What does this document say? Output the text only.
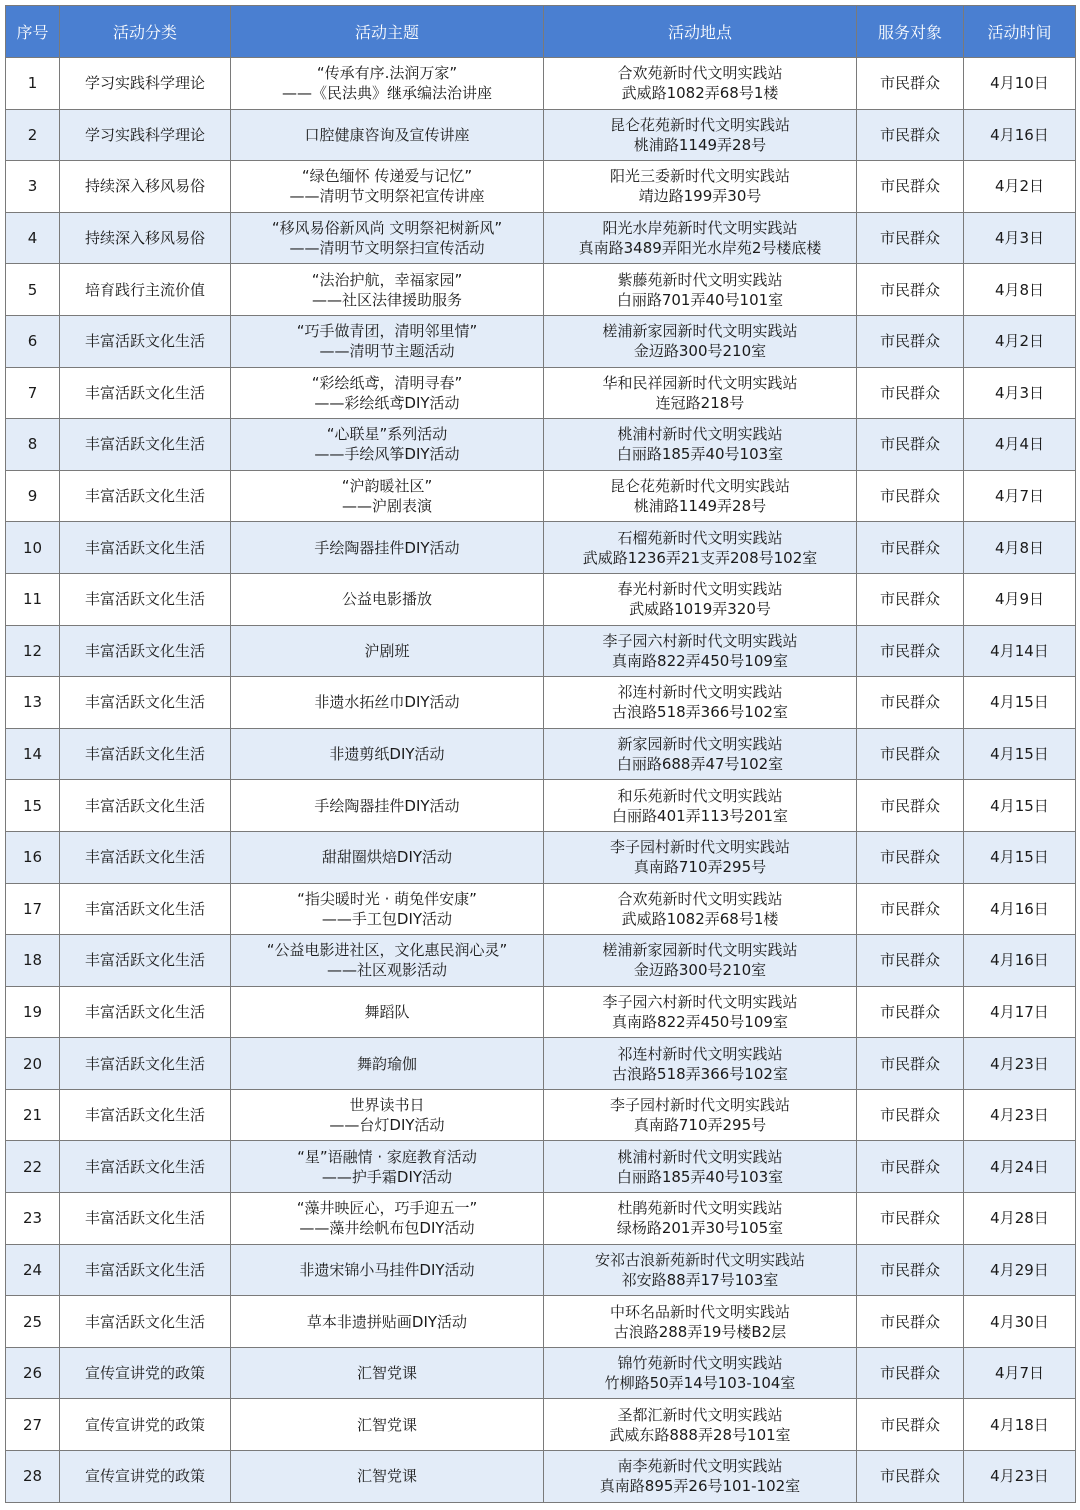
序号	活动分类	活动主题	活动地点	服务对象	活动时间
1	学习实践科学理论	“传承有序.法润万家”
——《民法典》继承编法治讲座	合欢苑新时代文明实践站
武威路1082弄68号1楼	市民群众	4月10日
2	学习实践科学理论	口腔健康咨询及宣传讲座	昆仑花苑新时代文明实践站
桃浦路1149弄28号	市民群众	4月16日
3	持续深入移风易俗	“绿色缅怀 传递爱与记忆”
——清明节文明祭祀宣传讲座	阳光三委新时代文明实践站
靖边路199弄30号	市民群众	4月2日
4	持续深入移风易俗	“移风易俗新风尚 文明祭祀树新风”
——清明节文明祭扫宣传活动	阳光水岸苑新时代文明实践站
真南路3489弄阳光水岸苑2号楼底楼	市民群众	4月3日
5	培育践行主流价值	“法治护航，幸福家园”
——社区法律援助服务	紫藤苑新时代文明实践站
白丽路701弄40号101室	市民群众	4月8日
6	丰富活跃文化生活	“巧手做青团，清明邻里情”
——清明节主题活动	槎浦新家园新时代文明实践站
金迈路300号210室	市民群众	4月2日
7	丰富活跃文化生活	“彩绘纸鸢，清明寻春”
——彩绘纸鸢DIY活动	华和民祥园新时代文明实践站
连冠路218号	市民群众	4月3日
8	丰富活跃文化生活	“心联星”系列活动
——手绘风筝DIY活动	桃浦村新时代文明实践站
白丽路185弄40号103室	市民群众	4月4日
9	丰富活跃文化生活	“沪韵暖社区”
——沪剧表演	昆仑花苑新时代文明实践站
桃浦路1149弄28号	市民群众	4月7日
10	丰富活跃文化生活	手绘陶器挂件DIY活动	石榴苑新时代文明实践站
武威路1236弄21支弄208号102室	市民群众	4月8日
11	丰富活跃文化生活	公益电影播放	春光村新时代文明实践站
武威路1019弄320号	市民群众	4月9日
12	丰富活跃文化生活	沪剧班	李子园六村新时代文明实践站
真南路822弄450号109室	市民群众	4月14日
13	丰富活跃文化生活	非遗水拓丝巾DIY活动	祁连村新时代文明实践站
古浪路518弄366号102室	市民群众	4月15日
14	丰富活跃文化生活	非遗剪纸DIY活动	新家园新时代文明实践站
白丽路688弄47号102室	市民群众	4月15日
15	丰富活跃文化生活	手绘陶器挂件DIY活动	和乐苑新时代文明实践站
白丽路401弄113号201室	市民群众	4月15日
16	丰富活跃文化生活	甜甜圈烘焙DIY活动	李子园村新时代文明实践站
真南路710弄295号	市民群众	4月15日
17	丰富活跃文化生活	“指尖暖时光 · 萌兔伴安康”
——手工包DIY活动	合欢苑新时代文明实践站
武威路1082弄68号1楼	市民群众	4月16日
18	丰富活跃文化生活	“公益电影进社区，文化惠民润心灵”
——社区观影活动	槎浦新家园新时代文明实践站
金迈路300号210室	市民群众	4月16日
19	丰富活跃文化生活	舞蹈队	李子园六村新时代文明实践站
真南路822弄450号109室	市民群众	4月17日
20	丰富活跃文化生活	舞韵瑜伽	祁连村新时代文明实践站
古浪路518弄366号102室	市民群众	4月23日
21	丰富活跃文化生活	世界读书日
——台灯DIY活动	李子园村新时代文明实践站
真南路710弄295号	市民群众	4月23日
22	丰富活跃文化生活	“星”语融情 · 家庭教育活动
——护手霜DIY活动	桃浦村新时代文明实践站
白丽路185弄40号103室	市民群众	4月24日
23	丰富活跃文化生活	“藻井映匠心，巧手迎五一”
——藻井绘帆布包DIY活动	杜鹃苑新时代文明实践站
绿杨路201弄30号105室	市民群众	4月28日
24	丰富活跃文化生活	非遗宋锦小马挂件DIY活动	安祁古浪新苑新时代文明实践站
祁安路88弄17号103室	市民群众	4月29日
25	丰富活跃文化生活	草本非遗拼贴画DIY活动	中环名品新时代文明实践站
古浪路288弄19号楼B2层	市民群众	4月30日
26	宣传宣讲党的政策	汇智党课	锦竹苑新时代文明实践站
竹柳路50弄14号103-104室	市民群众	4月7日
27	宣传宣讲党的政策	汇智党课	圣都汇新时代文明实践站
武威东路888弄28号101室	市民群众	4月18日
28	宣传宣讲党的政策	汇智党课	南李苑新时代文明实践站
真南路895弄26号101-102室	市民群众	4月23日
